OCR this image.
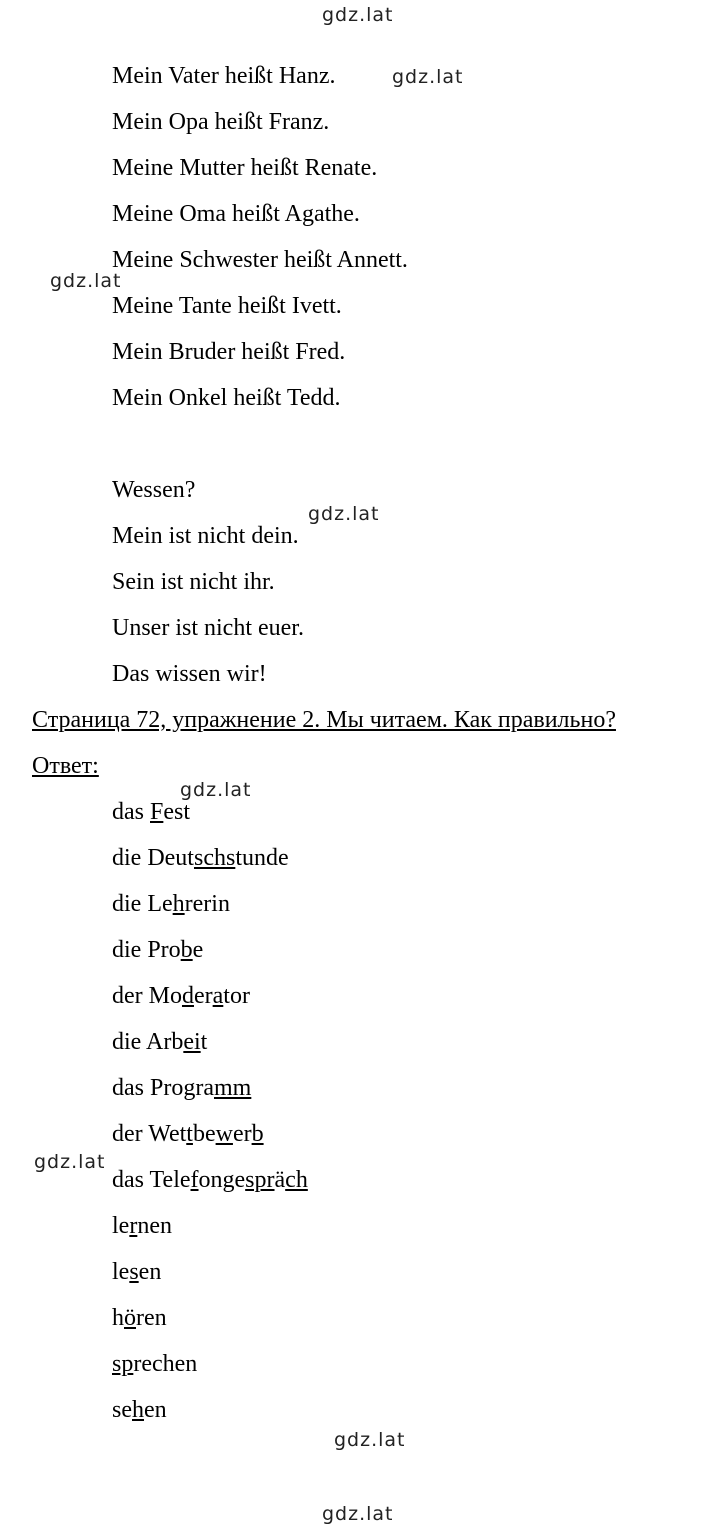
Mein Vater heißt Hanz.
Mein Opa heißt Franz.
Meine Mutter heißt Renate.
Meine Oma heißt Agathe.
Meine Schwester heißt Annett.
Meine Tante heißt Ivett.
Mein Bruder heißt Fred.
Mein Onkel heißt Tedd.
Wessen?
Mein ist nicht dein.
Sein ist nicht ihr.
Unser ist nicht euer.
Das wissen wir!
Страница 72, упражнение 2. Мы читаем. Как правильно?
Ответ:
das Fest
die Deutschstunde
die Lehrerin
die Probe
der Moderator
die Arbeit
das Programm
der Wettbewerb
das Telefongespräch
lernen
lesen
hören
sprechen
sehen
gdz.lat
gdz.lat
gdz.lat
gdz.lat
gdz.lat
gdz.lat
gdz.lat
gdz.lat
